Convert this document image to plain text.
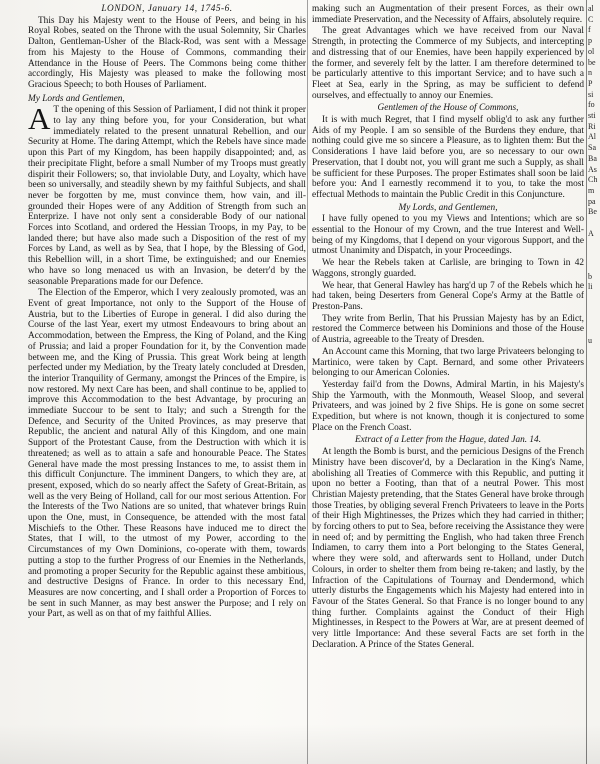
LONDON, January 14, 1745-6.

This Day his Majesty went to the House of Peers, and being in his Royal Robes, seated on the Throne with the usual Solemnity, Sir Charles Dalton, Gentleman-Usher of the Black-Rod, was sent with a Message from his Majesty to the House of Commons, commanding their Attendance in the House of Peers. The Commons being come thither accordingly, His Majesty was pleased to make the following most Gracious Speech; to both Houses of Parliament.

My Lords and Gentlemen,

A T the opening of this Session of Parliament, I did not think it proper to lay any thing before you, for your Consideration, but what immediately related to the present unnatural Rebellion, and our Security at Home. The daring Attempt, which the Rebels have since made upon this Part of my Kingdom, has been happily disappointed; and, as their precipitate Flight, before a small Number of my Troops must greatly dispirit their Followers; so, that inviolable Duty, and Loyalty, which have been so universally, and steadily shewn by my faithful Subjects, and shall never be forgotten by me, must convince them, how vain, and ill-grounded their Hopes were of any Addition of Strength from such an Enterprize. I have not only sent a considerable Body of our national Forces into Scotland, and ordered the Hessian Troops, in my Pay, to be landed there; but have also made such a Disposition of the rest of my Forces by Land, as well as by Sea, that I hope, by the Blessing of God, this Rebellion will, in a short Time, be extinguished; and our Enemies who have so long menaced us with an Invasion, be deterr'd by the seasonable Preparations made for our Defence.

The Election of the Emperor, which I very zealously promoted, was an Event of great Importance, not only to the Support of the House of Austria, but to the Liberties of Europe in general. I did also during the Course of the last Year, exert my utmost Endeavours to bring about an Accommodation, between the Empress, the King of Poland, and the King of Prussia; and laid a proper Foundation for it, by the Convention made between me, and the King of Prussia. This great Work being at length perfected under my Mediation, by the Treaty lately concluded at Dresden, the interior Tranquility of Germany, amongst the Princes of the Empire, is now restored. My next Care has been, and shall continue to be, applied to improve this Accommodation to the best Advantage, by procuring an immediate Succour to be sent to Italy; and such a Strength for the Defence, and Security of the United Provinces, as may preserve that Republic, the ancient and natural Ally of this Kingdom, and one main Support of the Protestant Cause, from the Destruction with which it is threatened; as well as to attain a safe and honourable Peace. The States General have made the most pressing Instances to me, to assist them in this difficult Conjuncture. The imminent Dangers, to which they are, at present, exposed, which do so nearly affect the Safety of Great-Britain, as well as the very Being of Holland, call for our most serious Attention. For the Interests of the Two Nations are so united, that whatever brings Ruin upon the One, must, in Consequence, be attended with the most fatal Mischiefs to the Other. These Reasons have induced me to direct the States, that I will, to the utmost of my Power, according to the Circumstances of my Own Dominions, co-operate with them, towards putting a stop to the further Progress of our Enemies in the Netherlands, and promoting a proper Security for the Republic against these ambitious, and destructive Designs of France. In order to this necessary End, Measures are now concerting, and I shall order a Proportion of Forces to be sent in such Manner, as may best answer the Purpose; and I rely on your Part, as well as on that of my faithful Allies.

making such an Augmentation of their present Forces, as their own immediate Preservation, and the Necessity of Affairs, absolutely require.

The great Advantages which we have received from our Naval Strength, in protecting the Commerce of my Subjects, and intercepting and distressing that of our Enemies, have been happily experienced by the former, and severely felt by the latter. I am therefore determined to be particularly attentive to this important Service; and to have such a Fleet at Sea, early in the Spring, as may be sufficient to defend ourselves, and effectually to annoy our Enemies.

Gentlemen of the House of Commons,

It is with much Regret, that I find myself oblig'd to ask any further Aids of my People. I am so sensible of the Burdens they endure, that nothing could give me so sincere a Pleasure, as to lighten them: But the Considerations I have laid before you, are so necessary to our own Preservation, that I doubt not, you will grant me such a Supply, as shall be sufficient for these Purposes. The proper Estimates shall soon be laid before you: And I earnestly recommend it to you, to take the most effectual Methods to maintain the Public Credit in this Conjuncture.

My Lords, and Gentlemen,

I have fully opened to you my Views and Intentions; which are so essential to the Honour of my Crown, and the true Interest and Well-being of my Kingdoms, that I depend on your vigorous Support, and the utmost Unanimity and Dispatch, in your Proceedings.

We hear the Rebels taken at Carlisle, are bringing to Town in 42 Waggons, strongly guarded.

We hear, that General Hawley has harg'd up 7 of the Rebels which he had taken, being Deserters from General Cope's Army at the Battle of Preston-Pans.

They write from Berlin, That his Prussian Majesty has by an Edict, restored the Commerce between his Dominions and those of the House of Austria, agreeable to the Treaty of Dresden.

An Account came this Morning, that two large Privateers belonging to Martinico, were taken by Capt. Bernard, and some other Privateers belonging to our American Colonies.

Yesterday fail'd from the Downs, Admiral Martin, in his Majesty's Ship the Yarmouth, with the Monmouth, Weasel Sloop, and several Privateers, and was joined by 2 five Ships. He is gone on some secret Expedition, but where is not known, though it is conjectured to some Place on the French Coast.

Extract of a Letter from the Hague, dated Jan. 14.

At length the Bomb is burst, and the pernicious Designs of the French Ministry have been discover'd, by a Declaration in the King's Name, abolishing all Treaties of Commerce with this Republic, and putting it upon no better a Footing, than that of a neutral Power. This most Christian Majesty pretending, that the States General have broke through those Treaties, by obliging several French Privateers to leave in the Ports of their High Mightinesses, the Prizes which they had carried in thither; by forcing others to put to Sea, before receiving the Assistance they were in need of; and by permitting the English, who had taken three French Indiamen, to carry them into a Port belonging to the States General, where they were sold, and afterwards sent to Holland, under Dutch Colours, in order to shelter them from being re-taken; and lastly, by the Infraction of the Capitulations of Tournay and Dendermond, which utterly disturbs the Engagements which his Majesty had entered into in Favour of the States General. So that France is no longer bound to any thing further. Complaints against the Conduct of their High Mightinesses, in Respect to the Powers at War, are at present deemed of very little Importance: And these several Facts are set forth in the Declaration. A Prince of the States General.

al
C
f
p
ol
be
n
P
si
fo
sti
Ri
Al
Sa
Ba
As
Ch
m
pa
Be

A

b
li

u
